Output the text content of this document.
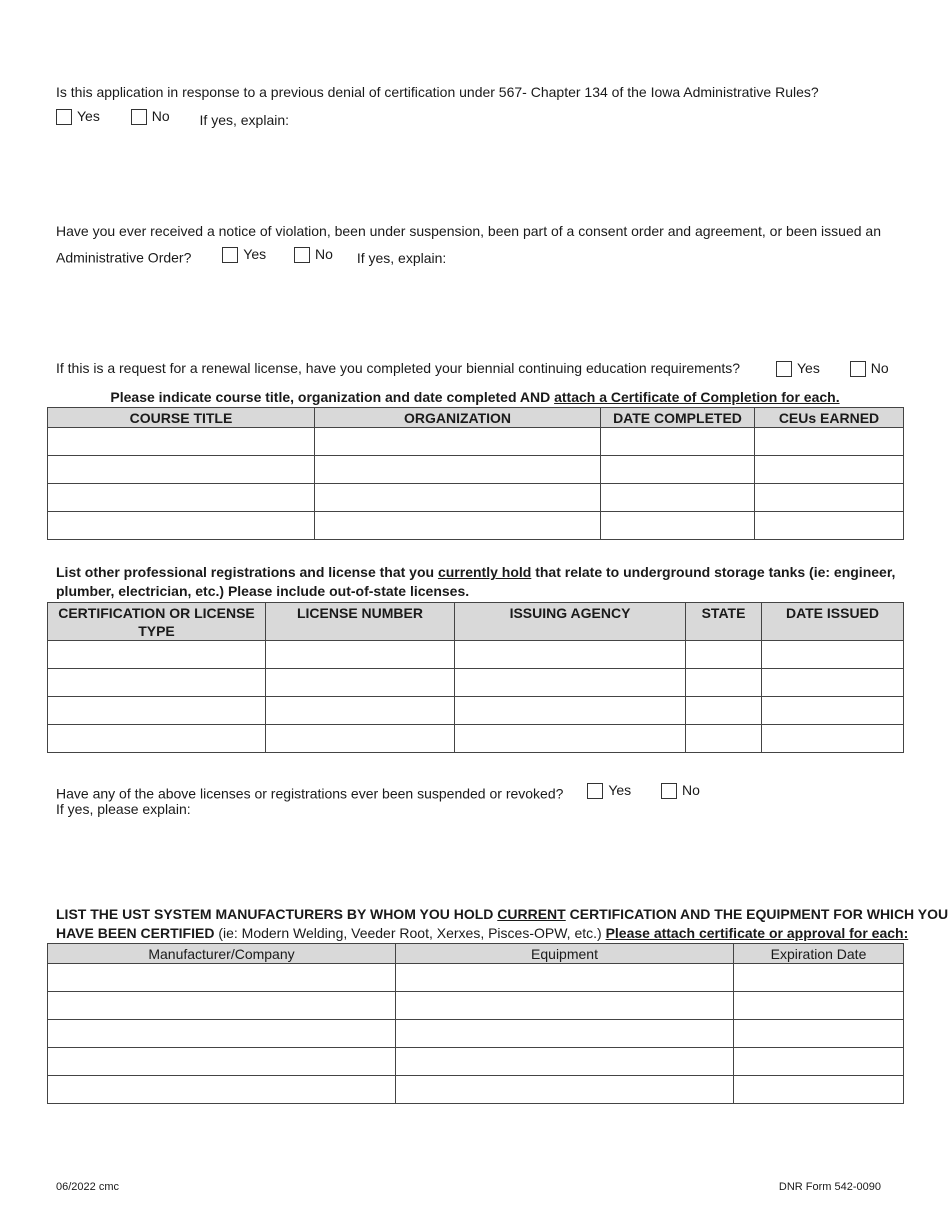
Is this application in response to a previous denial of certification under 567- Chapter 134 of the Iowa Administrative Rules?
Yes
	No If yes, explain:
Have you ever received a notice of violation, been under suspension, been part of a consent order and agreement, or been issued an
Administrative Order?	Yes
	No If yes, explain:
If this is a request for a renewal license, have you completed your biennial continuing education requirements?	Yes
	No
Please indicate course title, organization and date completed AND attach a Certificate of Completion for each.
COURSE TITLE	ORGANIZATION	DATE COMPLETED	CEUs EARNED

List other professional registrations and license that you currently hold that relate to underground storage tanks (ie: engineer,
plumber, electrician, etc.) Please include out-of-state licenses.
CERTIFICATION OR LICENSE TYPE	LICENSE NUMBER	ISSUING AGENCY	STATE	DATE ISSUED

Have any of the above licenses or registrations ever been suspended or revoked?	Yes
	No
If yes, please explain:
LIST THE UST SYSTEM MANUFACTURERS BY WHOM YOU HOLD CURRENT CERTIFICATION AND THE EQUIPMENT FOR WHICH YOU
HAVE BEEN CERTIFIED (ie: Modern Welding, Veeder Root, Xerxes, Pisces-OPW, etc.) Please attach certificate or approval for each:
Manufacturer/Company	Equipment	Expiration Date

06/2022 cmc	DNR Form 542-0090
